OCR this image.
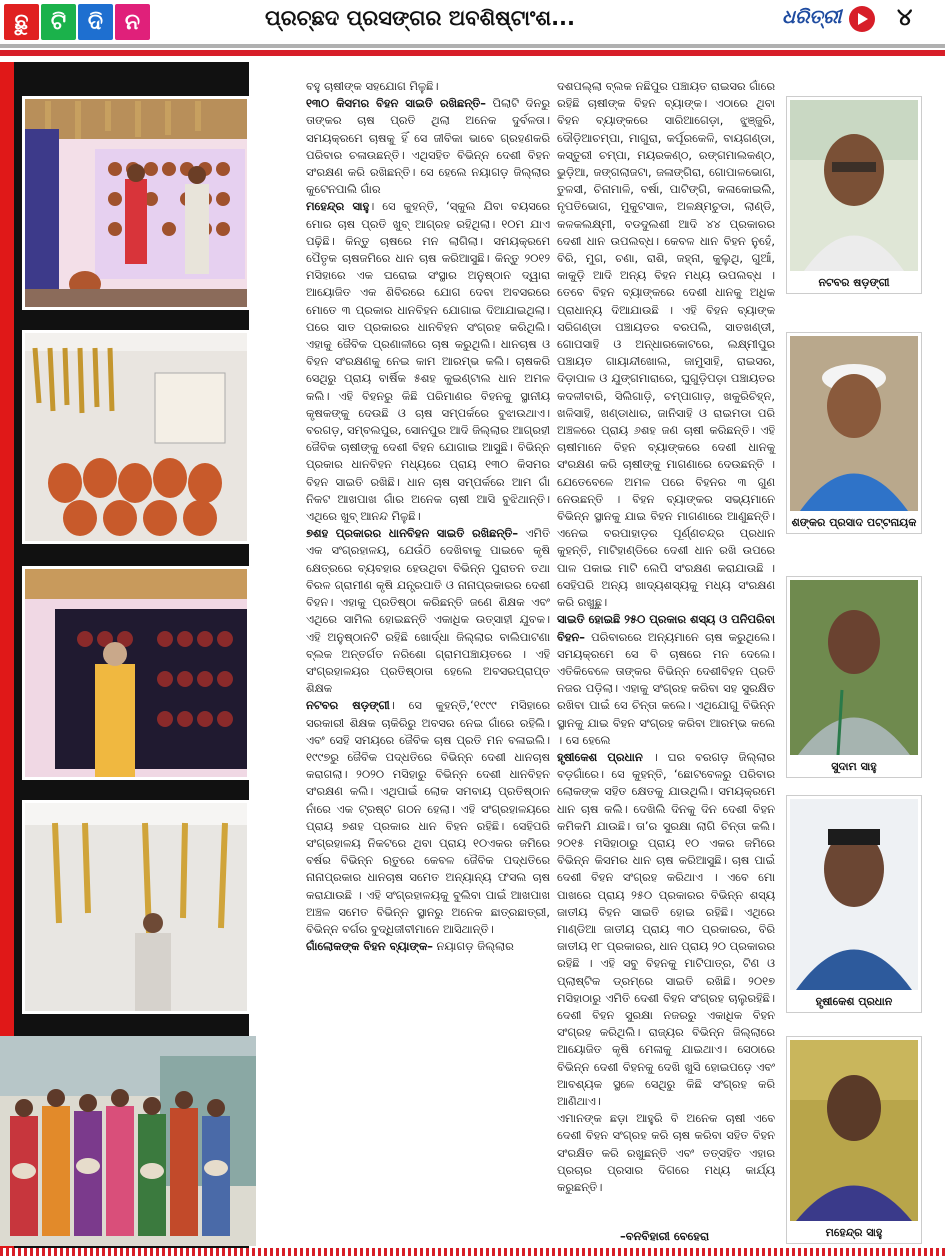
ଛୁ	ଟି ଦି ନ	ପ୍ରଚ୍ଛଦ ପ୍ରସଙ୍ଗର ଅବଶିଷ୍ଟାଂଶ...	ଧରିତ୍ରୀ ୪

ବହୁ ଚାଷୀଙ୍କ ସହଯୋଗ ମିଳୁଛି।

୧୩୦ କିସମର ବିହନ ସାଇତି ରଖିଛନ୍ତି– ପିଲାଟି ଦିନରୁ ତାଙ୍କର ଚାଷ ପ୍ରତି ଥିଲା ଅନେକ ଦୁର୍ବଳତା। ସମୟକ୍ରମେ ଚାଷକୁ ହିଁ ସେ ଜୀବିକା ଭାବେ ଗ୍ରହଣକରି ପରିବାର ଚଳାଉଛନ୍ତି। ଏଥିସହିତ ବିଭିନ୍ନ ଦେଶୀ ବିହନ ସଂରକ୍ଷଣ କରି ରଖିଛନ୍ତି। ସେ ହେଲେ ନୟାଗଡ଼ ଜିଲ୍ଲାର କୁଟେନପାଲି ଗାଁର

ମହେନ୍ଦ୍ର ସାହୁ। ସେ କୁହନ୍ତି, ‘ସ୍କୁଲ ଯିବା ବୟସରେ ମୋର ଚାଷ ପ୍ରତି ଖୁବ୍ ଆଗ୍ରହ ରହିଥିଲା। ୧୦ମ ଯାଏ ପଢ଼ିଛି। କିନ୍ତୁ ଚାଷରେ ମନ ଲାଗିଲା। ସମୟକ୍ରମେ ପୈତୃକ ଚାଷଜମିରେ ଧାନ ଚାଷ କରିଆସୁଛି। କିନ୍ତୁ ୨୦୧୨ ମସିହାରେ ଏକ ଘରୋଇ ସଂସ୍ଥାର ଅନୁଷ୍ଠାନ ଦ୍ୱାରା ଆୟୋଜିତ ଏକ ଶିବିରରେ ଯୋଗ ଦେବା ଅବସରରେ ମୋତେ ୩ ପ୍ରକାର ଧାନବିହନ ଯୋଗାଇ ଦିଆଯାଇଥିଲା। ପରେ ସାତ ପ୍ରକାରର ଧାନବିହନ ସଂଗ୍ରହ କରିଥିଲି। ଏହାକୁ ଜୈବିକ ପ୍ରଣାଳୀରେ ଚାଷ କରୁଥିଲି। ଧାନଚାଷ ଓ ବିହନ ସଂରକ୍ଷଣକୁ ନେଇ କାମ ଆରମ୍ଭ କଲି। ଚାଷକରି ସେଥିରୁ ପ୍ରାୟ ବାର୍ଷିକ ୫ଶହ କୁଇଣ୍ଟାଲ ଧାନ ଅମଳ କଲି। ଏହି ବିହନରୁ କିଛି ପରିମାଣର ବିହନକୁ ସ୍ଥାନୀୟ କୃଷକଙ୍କୁ ଦେଉଛି ଓ ଚାଷ ସମ୍ପର୍କରେ ବୁଝାଉଥାଏ। ବରଗଡ଼, ସମ୍ବଲପୁର, ସୋନପୁର ଆଦି ଜିଲ୍ଲାର ଆଗ୍ରହୀ ଜୈବିକ ଚାଷୀଙ୍କୁ ଦେଶୀ ବିହନ ଯୋଗାଇ ଆସୁଛି। ବିଭିନ୍ନ ପ୍ରକାର ଧାନବିହନ ମଧ୍ୟରେ ପ୍ରାୟ ୧୩୦ କିସମର ବିହନ ସାଇତି ରଖିଛି। ଧାନ ଚାଷ ସମ୍ପର୍କରେ ଆମ ଗାଁ ନିକଟ ଆଖପାଖ ଗାଁର ଅନେକ ଚାଷୀ ଆସି ବୁଝିଥାନ୍ତି। ଏଥିରେ ଖୁବ୍ ଆନନ୍ଦ ମିଳୁଛି।

୭ଶହ ପ୍ରକାରର ଧାନବିହନ ସାଇତି ରଖିଛନ୍ତି– ଏମିତି ଏକ ସଂଗ୍ରହାଳୟ, ଯେଉଁଠି ଦେଖିବାକୁ ପାଇବେ କୃଷି କ୍ଷେତ୍ରରେ ବ୍ୟବହାର ହେଉଥିବା ବିଭିନ୍ନ ପୁରାତନ ତଥା ବିରଳ ଗ୍ରାମୀଣ କୃଷି ଯନ୍ତ୍ରପାତି ଓ ନାନାପ୍ରକାରର ଦେଶୀ ବିହନ। ଏହାକୁ ପ୍ରତିଷ୍ଠା କରିଛନ୍ତି ଜଣେ ଶିକ୍ଷକ ଏବଂ ଏଥିରେ ସାମିଲ ହୋଇଛନ୍ତି ଏକାଧିକ ଉତ୍ସାହୀ ଯୁବକ। ଏହି ଅନୁଷ୍ଠାନଟି ରହିଛି ଖୋର୍ଦ୍ଧା ଜିଲ୍ଲାର ବାଲିପାଟଣା ବ୍ଲକ ଅନ୍ତର୍ଗତ ନରିଶୋ ଗ୍ରାମପଞ୍ଚାୟତରେ । ଏହି ସଂଗ୍ରହାଳୟର ପ୍ରତିଷ୍ଠାତା ହେଲେ ଅବସରପ୍ରାପ୍ତ ଶିକ୍ଷକ

ନଟବର ଷଡ଼ଙ୍ଗୀ। ସେ କୁହନ୍ତି,‘୧୯୯୯ ମସିହାରେ ସରକାରୀ ଶିକ୍ଷକ ଚାକିରିରୁ ଅବସର ନେଇ ଗାଁରେ ରହିଲି। ଏବଂ ସେହି ସମୟରେ ଜୈବିକ ଚାଷ ପ୍ରତି ମନ ବଳାଇଲି। ୧୯୯୭ରୁ ଜୈବିକ ପଦ୍ଧତିରେ ବିଭିନ୍ନ ଦେଶୀ ଧାନଚାଷ କରାଗଲା। ୨୦୨୦ ମସିହାରୁ ବିଭିନ୍ନ ଦେଶୀ ଧାନବିହନ ସଂରକ୍ଷଣ କଲି। ଏଥିପାଇଁ ଲୋକ ସମବାୟ ପ୍ରତିଷ୍ଠାନ ନାଁରେ ଏକ ଟ୍ରଷ୍ଟ ଗଠନ ହେଲା। ଏହି ସଂଗ୍ରହାଳୟରେ ପ୍ରାୟ ୭ଶହ ପ୍ରକାର ଧାନ ବିହନ ରହିଛି। ସେହିପରି ସଂଗ୍ରହାଳୟ ନିକଟରେ ଥିବା ପ୍ରାୟ ୧୦ଏକର ଜମିରେ ବର୍ଷର ବିଭିନ୍ନ ଋତୁରେ କେବଳ ଜୈବିକ ପଦ୍ଧତିରେ ନାନାପ୍ରକାର ଧାନଚାଷ ସମେତ ଅନ୍ୟାନ୍ୟ ଫସଲ ଚାଷ କରାଯାଉଛି । ଏହି ସଂଗ୍ରହାଳୟକୁ ବୁଲିବା ପାଇଁ ଆଖପାଖ ଅଞ୍ଚଳ ସମେତ ବିଭିନ୍ନ ସ୍ଥାନରୁ ଅନେକ ଛାତ୍ରଛାତ୍ରୀ, ବିଭିନ୍ନ ବର୍ଗର ବୁଦ୍ଧିଜୀବୀମାନେ ଆସିଥାନ୍ତି।

ଗାଁଲୋକଙ୍କ ବିହନ ବ୍ୟାଙ୍କ– ନୟାଗଡ଼ ଜିଲ୍ଲାର

ଦଶପଲ୍ଲା ବ୍ଲକ ନଛିପୁର ପଞ୍ଚାୟତ ରାଇସର ଗାଁରେ ରହିଛି ଚାଷୀଙ୍କ ବିହନ ବ୍ୟାଙ୍କ। ଏଠାରେ ଥିବା ବିହନ ବ୍ୟାଙ୍କରେ ସାରିଆଗେଡ଼ା, ଝୁଞ୍ଜୁରି, ଦୌଡ଼ିଆଚମ୍ପା, ମାଗୁରା, କର୍ପୂରକେଳି, ବାୟଗଣ୍ଡା, କସ୍ତୁରୀ ଚମ୍ପା, ମୟରକଣ୍ଠ, ରଙ୍ଗମାଲକଣ୍ଠ, ଭୁଡ଼ିଆ, ଜଙ୍ଗଲାଜଟା, ଜଳାଙ୍ଗିରା, ଗୋପାଳଭୋଗ, ତୁଳସୀ, ଚିନାମାଳି, ବର୍ଷା, ପାଟିଙ୍ଗି, କଳାକୋଇଲି, ନୃପତିଭୋଗ, ମୁକୁଟସାଳ, ଅଳକ୍ଷ୍ମଚୁଡା, ଲାଣ୍ଡି, କଳକଲକ୍ଷ୍ମୀ, ବଡଦୁଲଶୀ ଆଦି ୪୪ ପ୍ରକାରର ଦେଶୀ ଧାନ ଉପଲବ୍ଧ। କେବଳ ଧାନ ବିହନ ନୁହେଁ, ବିରି, ମୁଗ, ଚଣା, ରାଶି, ଜହ୍ନା, କୁଲୁଥି, ଗୁଆଁ, କାକୁଡ଼ି ଆଦି ଅନ୍ୟ ବିହନ ମଧ୍ୟ ଉପଲବ୍ଧ । ତେବେ ବିହନ ବ୍ୟାଙ୍କରେ ଦେଶୀ ଧାନକୁ ଅଧିକ ପ୍ରାଧାନ୍ୟ ଦିଆଯାଉଛି । ଏହି ବିହନ ବ୍ୟାଙ୍କ ସରିଗଣ୍ଡା ପଞ୍ଚାୟତର ବରପଲି, ସାତଖଣ୍ଡୀ, ଗୋପସାହି ଓ ଅନ୍ଧାରକୋଟରେ, ଲକ୍ଷ୍ମୀପୁର ପଞ୍ଚାୟତ ଗାୟାନ୍ଦୀଖୋଲ, ଜାମୁସାହି, ରାଇସର, ଦିଡ଼ାପାଳ ଓ ଯୁଙ୍ଗମାରାରେ, ଘୁଗୁଡ଼ିପଡ଼ା ପଞ୍ଚାୟତର କଦଳୀବାରି, ସିଲିଗାଡ଼ି, ଚମ୍ପାଗାଡ଼, ଖକୁରିଚିହ୍ନ, ଖଳିସାହି, ଖଣ୍ଡାଧାର, ଜାନିସାହି ଓ ରାଇମଡା ପରି ଅଞ୍ଚଳରେ ପ୍ରାୟ ୬ଶହ ଜଣ ଚାଷୀ କରିଛନ୍ତି। ଏହି ଚାଷୀମାନେ ବିହନ ବ୍ୟାଙ୍କରେ ଦେଶୀ ଧାନକୁ ସଂରକ୍ଷଣ କରି ଚାଷୀଙ୍କୁ ମାଗଣାରେ ଦେଉଛନ୍ତି । ଯେତେବେଳେ ଅମଳ ପରେ ବିହନର ୩ ଗୁଣ ନେଉଛନ୍ତି । ବିହନ ବ୍ୟାଙ୍କର ସଭ୍ୟମାନେ ବିଭିନ୍ନ ସ୍ଥାନକୁ ଯାଇ ବିହନ ମାଗଣାରେ ଆଣୁଛନ୍ତି। ଏନେଇ ବରପାହାଡ଼ର ପୂର୍ଣ୍ଣଚନ୍ଦ୍ର ପ୍ରଧାନ କୁହନ୍ତି, ମାଟିହାଣ୍ଡିରେ ଦେଶୀ ଧାନ ରଖି ଉପରେ ପାଳ ପକାଇ ମାଟି ଲେପି ସଂରକ୍ଷଣ କରାଯାଉଛି । ସେହିପରି ଅନ୍ୟ ଖାଦ୍ୟଶସ୍ୟକୁ ମଧ୍ୟ ସଂରକ୍ଷଣ କରି ରଖୁଛୁ।

ସାଇତି ହୋଇଛି ୨୫୦ ପ୍ରକାର ଶସ୍ୟ ଓ ପନିପରିବା ବିହନ– ପରିବାରରେ ଅନ୍ୟମାନେ ଚାଷ କରୁଥିଲେ। ସମୟକ୍ରମେ ସେ ବି ଚାଷରେ ମନ ଦେଲେ। ଏତିକିବେଳେ ତାଙ୍କର ବିଭିନ୍ନ ଦେଶୀବିହନ ପ୍ରତି ନଜର ପଡ଼ିଲା। ଏହାକୁ ସଂଗ୍ରହ କରିବା ସହ ସୁରକ୍ଷିତ ରଖିବା ପାଇଁ ସେ ଚିନ୍ତା କଲେ। ଏଥିଯୋଗୁ ବିଭିନ୍ନ ସ୍ଥାନକୁ ଯାଇ ବିହନ ସଂଗ୍ରହ କରିବା ଆରମ୍ଭ କଲେ । ସେ ହେଲେ

ହୃଷୀକେଶ ପ୍ରଧାନ । ଘର ବରଗଡ଼ ଜିଲ୍ଲାର ବଡ଼ଗାଁରେ। ସେ କୁହନ୍ତି, ‘ଛୋଟବେଳରୁ ପରିବାର ଲୋକଙ୍କ ସହିତ କ୍ଷେତକୁ ଯାଉଥିଲି। ସମୟକ୍ରମେ ଧାନ ଚାଷ କଲି। ଦେଖିଲି ଦିନକୁ ଦିନ ଦେଶୀ ବିହନ କମିକମି ଯାଉଛି। ତା’ର ସୁରକ୍ଷା ଲାଗି ଚିନ୍ତା କଲି। ୨୦୧୫ ମସିହାଠାରୁ ପ୍ରାୟ ୧୦ ଏକର ଜମିରେ ବିଭିନ୍ନ କିସମର ଧାନ ଚାଷ କରିଆସୁଛି। ଚାଷ ପାଇଁ ଦେଶୀ ବିହନ ସଂଗ୍ରହ କରିଥାଏ । ଏବେ ମୋ ପାଖରେ ପ୍ରାୟ ୨୫୦ ପ୍ରକାରର ବିଭିନ୍ନ ଶସ୍ୟ ଜାତୀୟ ବିହନ ସାଇତି ହୋଇ ରହିଛି। ଏଥିରେ ମାଣ୍ଡିଆ ଜାତୀୟ ପ୍ରାୟ ୩୦ ପ୍ରକାରର, ବିରି ଜାତୀୟ ୧୮ ପ୍ରକାରର, ଧାନ ପ୍ରାୟ ୨୦ ପ୍ରକାରର ରହିଛି । ଏହି ସବୁ ବିହନକୁ ମାଟିପାତ୍ର, ଟିଣ ଓ ପ୍ଲାଷ୍ଟିକ ଡ୍ରମ୍‌ରେ ସାଇତି ରଖିଛି। ୨୦୧୭ ମସିହାଠାରୁ ଏମିତି ଦେଶୀ ବିହନ ସଂଗ୍ରହ ଚାଲୁରହିଛି। ଦେଶୀ ବିହନ ସୁରକ୍ଷା ନଜରରୁ ଏକାଧିକ ବିହନ ସଂଗ୍ରହ କରିଥିଲି। ରାଜ୍ୟର ବିଭିନ୍ନ ଜିଲ୍ଲାରେ ଆୟୋଜିତ କୃଷି ମେଳାକୁ ଯାଇଥାଏ। ସେଠାରେ ବିଭିନ୍ନ ଦେଶୀ ବିହନକୁ ଦେଖି ଖୁସି ହୋଇପଡ଼େ ଏବଂ ଆବଶ୍ୟକ ସ୍ଥଳେ ସେଥିରୁ କିଛି ସଂଗ୍ରହ କରି ଆଣିଥାଏ।

ଏମାନଙ୍କ ଛଡ଼ା ଆହୁରି ବି ଅନେକ ଚାଷୀ ଏବେ ଦେଶୀ ବିହନ ସଂଗ୍ରହ କରି ଚାଷ କରିବା ସହିତ ବିହନ ସଂରକ୍ଷିତ କରି ରଖୁଛନ୍ତି ଏବଂ ତତ୍ସହିତ ଏହାର ପ୍ରଚାର ପ୍ରସାର ଦିଗରେ ମଧ୍ୟ କାର୍ଯ୍ୟ କରୁଛନ୍ତି।

–ବନବିହାରୀ ବେହେରା
ନଟବର ଷଡ଼ଙ୍ଗୀ
ଶଙ୍କର ପ୍ରସାଦ ପଟ୍ଟନାୟକ
ସୁଦାମ ସାହୁ
ହୃଷୀକେଶ ପ୍ରଧାନ
ମହେନ୍ଦ୍ର ସାହୁ
